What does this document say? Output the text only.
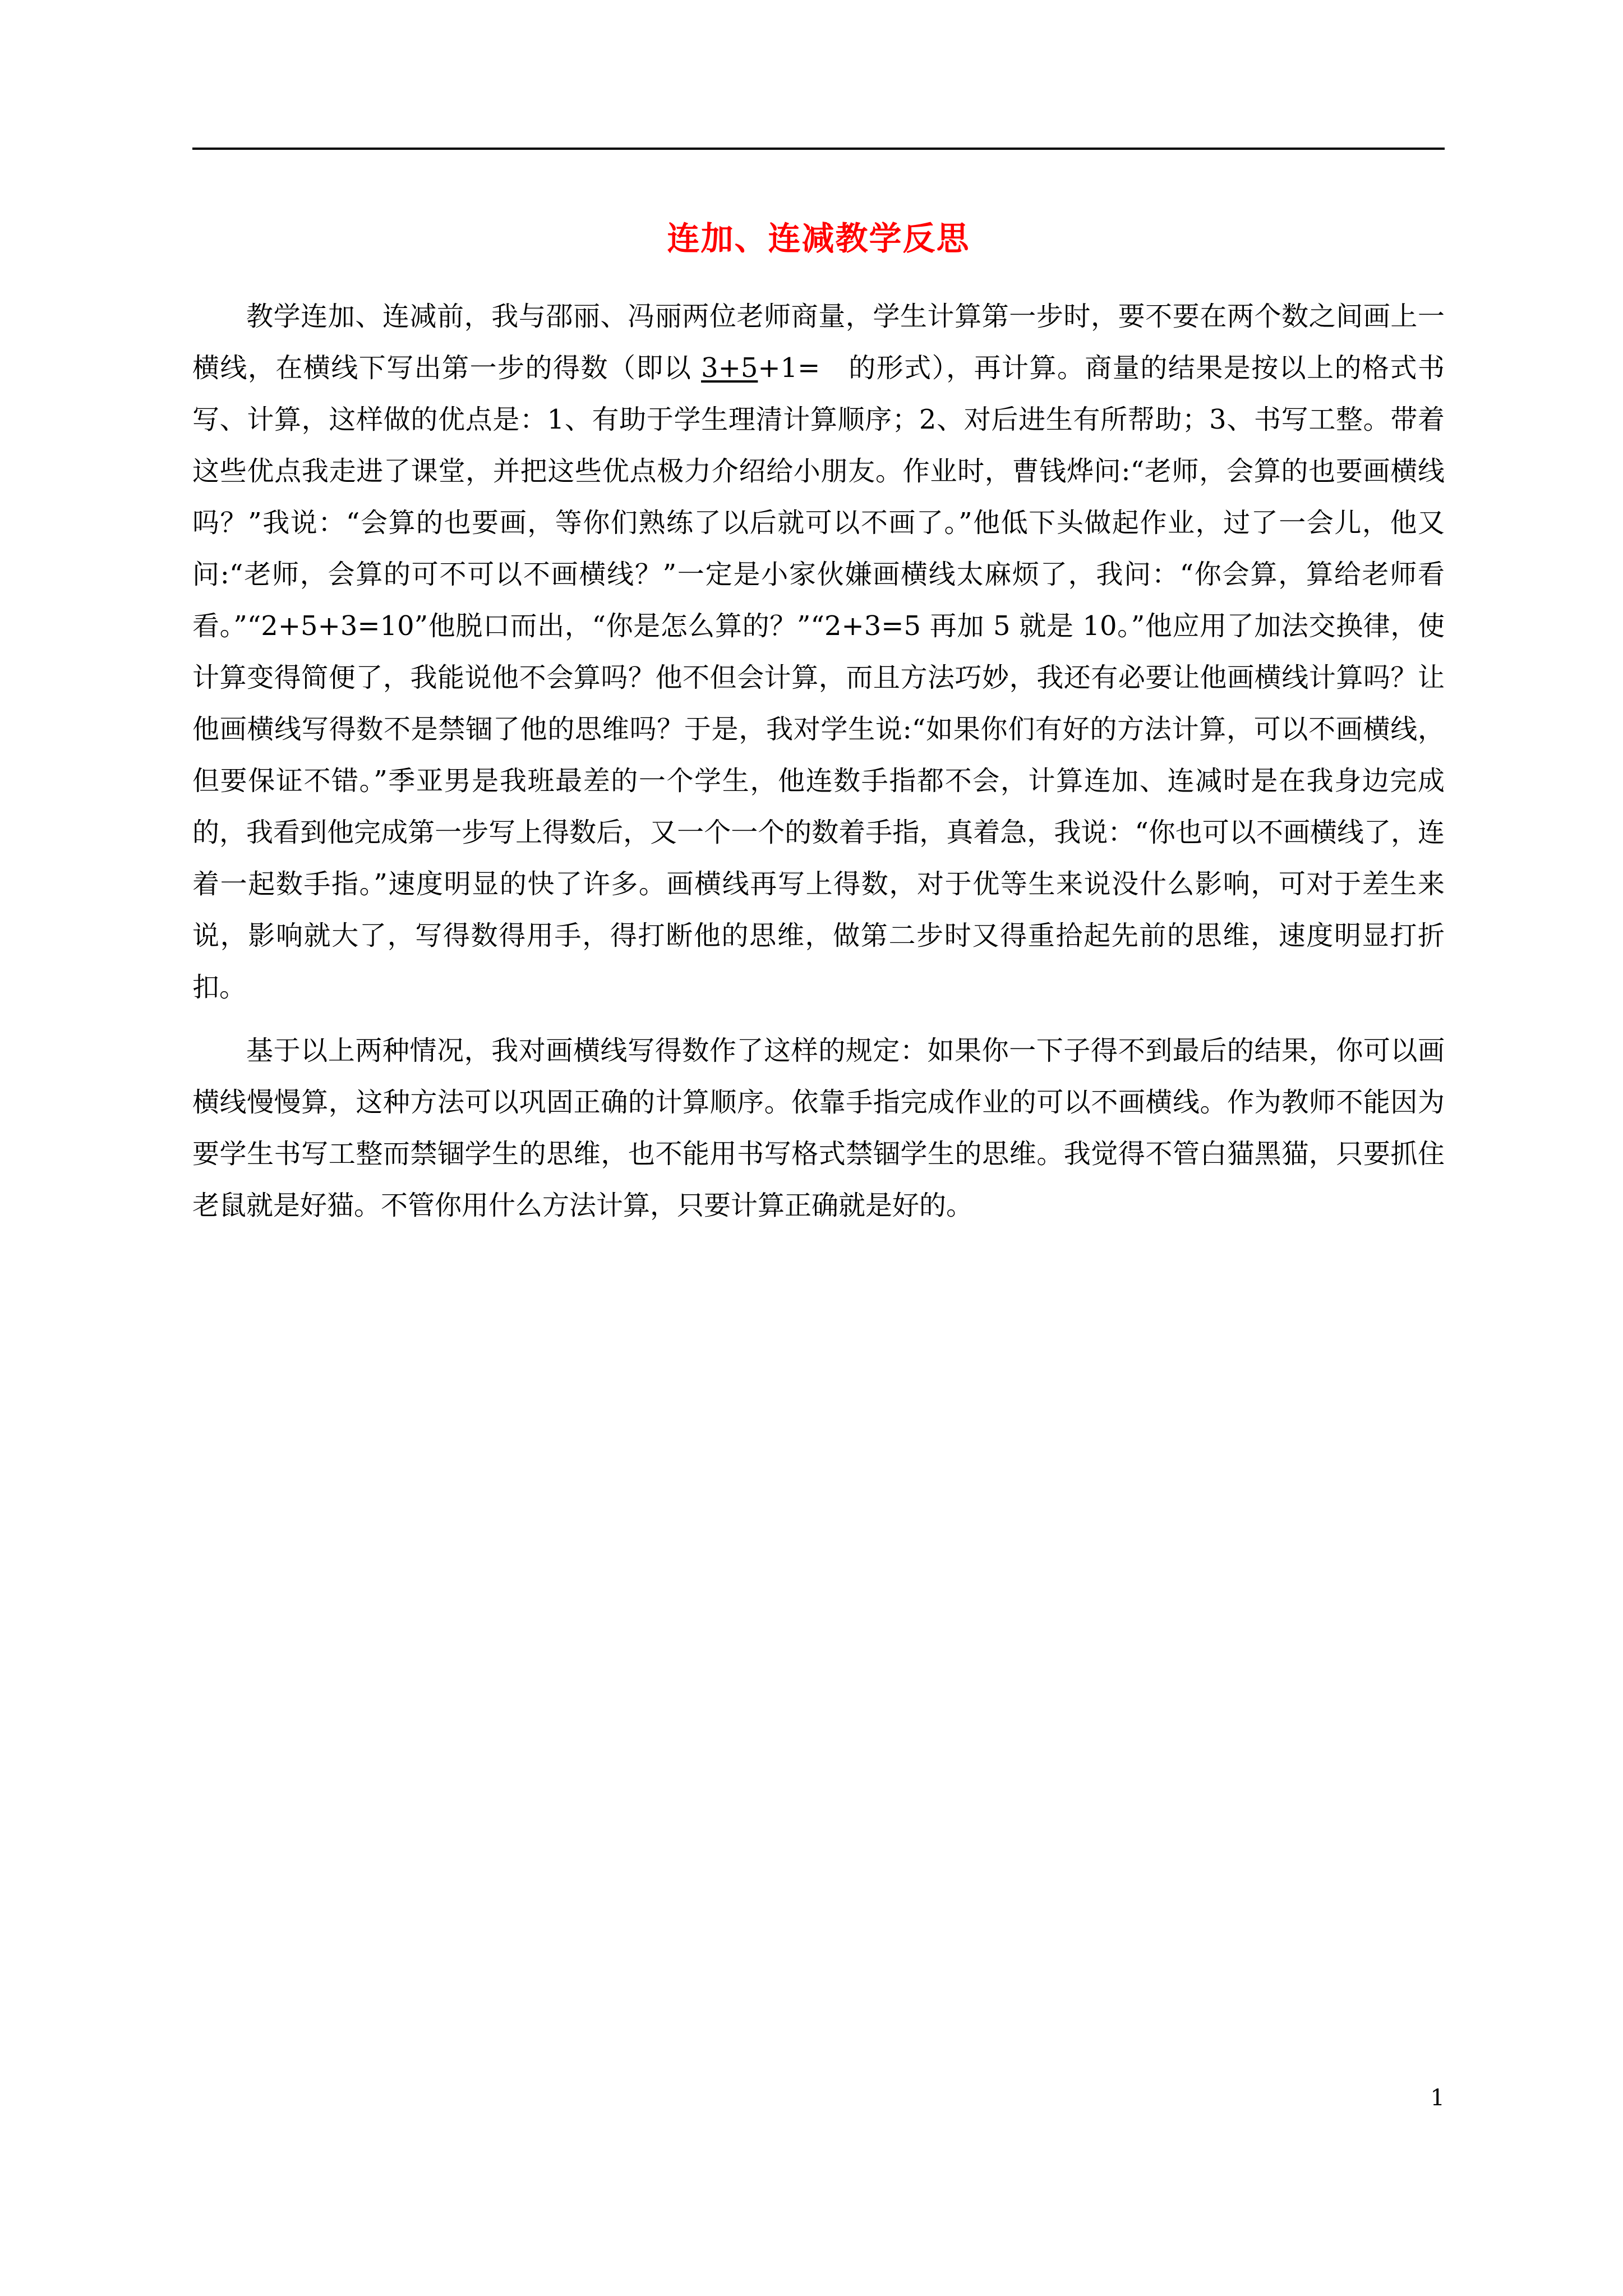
连加、连减教学反思

教学连加、连减前，我与邵丽、冯丽两位老师商量，学生计算第一步时，要不要在两个数之间画上一横线，在横线下写出第一步的得数（即以 3+5+1=　的形式），再计算。商量的结果是按以上的格式书写、计算，这样做的优点是：1、有助于学生理清计算顺序；2、对后进生有所帮助；3、书写工整。带着这些优点我走进了课堂，并把这些优点极力介绍给小朋友。作业时，曹钱烨问:“老师，会算的也要画横线吗？”我说：“会算的也要画，等你们熟练了以后就可以不画了。”他低下头做起作业，过了一会儿，他又问:“老师，会算的可不可以不画横线？”一定是小家伙嫌画横线太麻烦了，我问：“你会算，算给老师看看。”“2+5+3=10”他脱口而出，“你是怎么算的？”“2+3=5 再加 5 就是 10。”他应用了加法交换律，使计算变得简便了，我能说他不会算吗？他不但会计算，而且方法巧妙，我还有必要让他画横线计算吗？让他画横线写得数不是禁锢了他的思维吗？于是，我对学生说:“如果你们有好的方法计算，可以不画横线，但要保证不错。”季亚男是我班最差的一个学生，他连数手指都不会，计算连加、连减时是在我身边完成的，我看到他完成第一步写上得数后，又一个一个的数着手指，真着急，我说：“你也可以不画横线了，连着一起数手指。”速度明显的快了许多。画横线再写上得数，对于优等生来说没什么影响，可对于差生来说，影响就大了，写得数得用手，得打断他的思维，做第二步时又得重拾起先前的思维，速度明显打折扣。

基于以上两种情况，我对画横线写得数作了这样的规定：如果你一下子得不到最后的结果，你可以画横线慢慢算，这种方法可以巩固正确的计算顺序。依靠手指完成作业的可以不画横线。作为教师不能因为要学生书写工整而禁锢学生的思维，也不能用书写格式禁锢学生的思维。我觉得不管白猫黑猫，只要抓住老鼠就是好猫。不管你用什么方法计算，只要计算正确就是好的。

1
